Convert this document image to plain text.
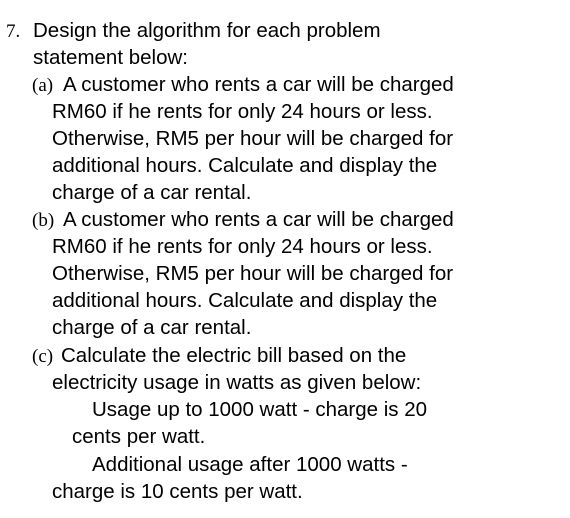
7. Design the algorithm for each problem
statement below:
(a) A customer who rents a car will be charged
RM60 if he rents for only 24 hours or less.
Otherwise, RM5 per hour will be charged for
additional hours. Calculate and display the
charge of a car rental.
(b) A customer who rents a car will be charged
RM60 if he rents for only 24 hours or less.
Otherwise, RM5 per hour will be charged for
additional hours. Calculate and display the
charge of a car rental.
(c) Calculate the electric bill based on the
electricity usage in watts as given below:
Usage up to 1000 watt - charge is 20
cents per watt.
Additional usage after 1000 watts -
charge is 10 cents per watt.
